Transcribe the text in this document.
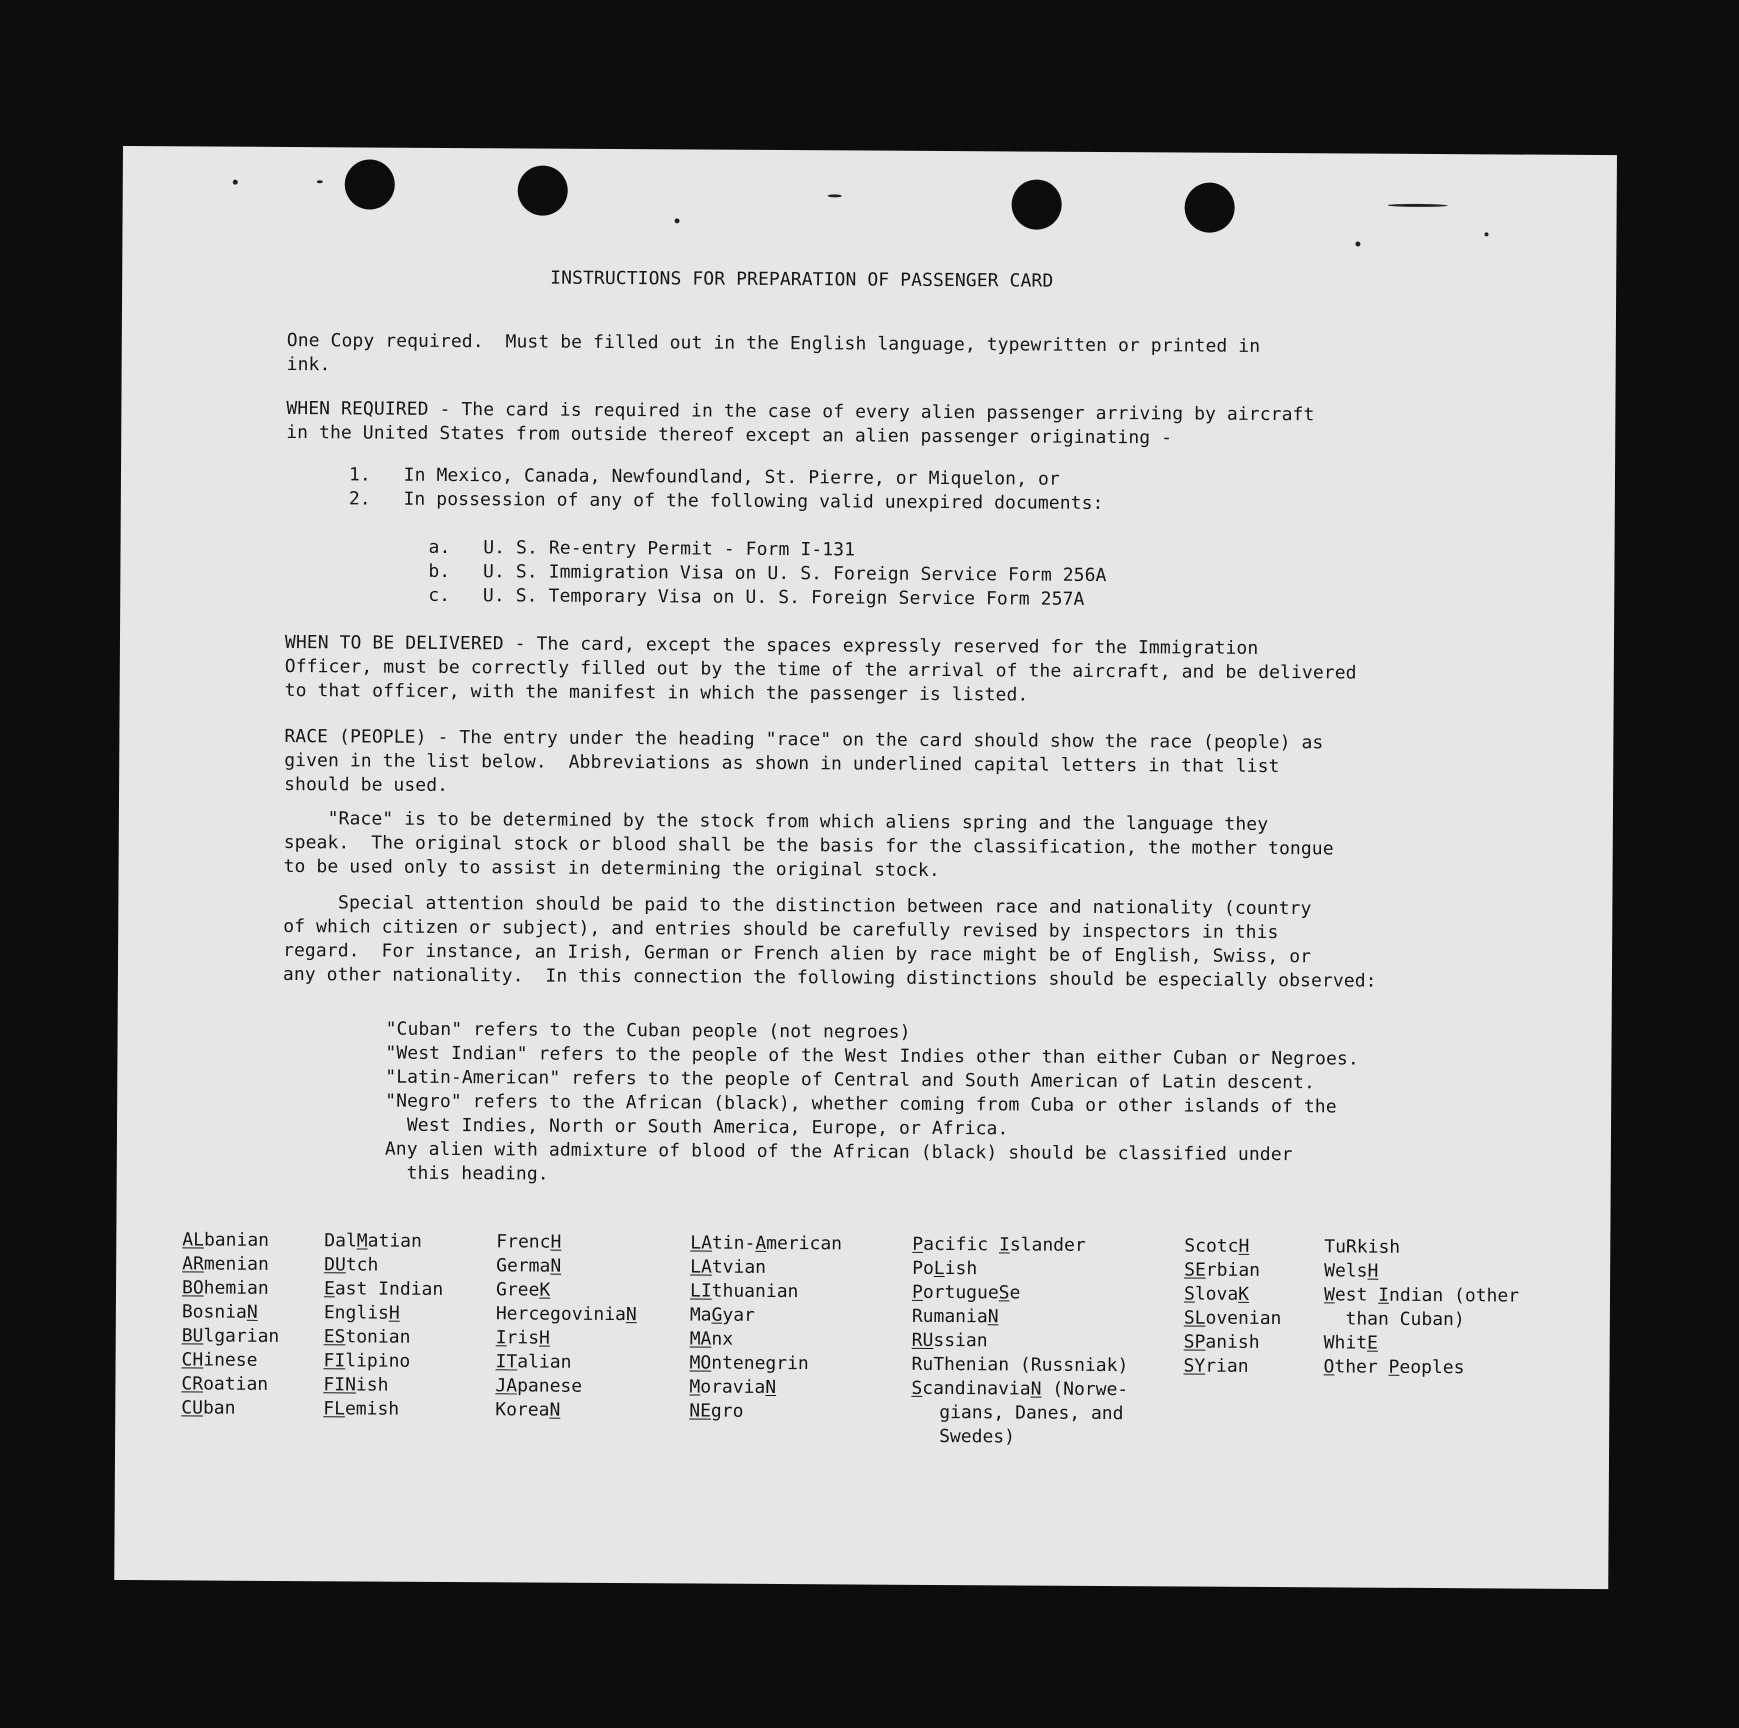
INSTRUCTIONS FOR PREPARATION OF PASSENGER CARD
One Copy required.  Must be filled out in the English language, typewritten or printed in
ink.
WHEN REQUIRED - The card is required in the case of every alien passenger arriving by aircraft
in the United States from outside thereof except an alien passenger originating -
1.   In Mexico, Canada, Newfoundland, St. Pierre, or Miquelon, or
2.   In possession of any of the following valid unexpired documents:
a.   U. S. Re-entry Permit - Form I-131
b.   U. S. Immigration Visa on U. S. Foreign Service Form 256A
c.   U. S. Temporary Visa on U. S. Foreign Service Form 257A
WHEN TO BE DELIVERED - The card, except the spaces expressly reserved for the Immigration
Officer, must be correctly filled out by the time of the arrival of the aircraft, and be delivered
to that officer, with the manifest in which the passenger is listed.
RACE (PEOPLE) - The entry under the heading "race" on the card should show the race (people) as
given in the list below.  Abbreviations as shown in underlined capital letters in that list
should be used.
"Race" is to be determined by the stock from which aliens spring and the language they
speak.  The original stock or blood shall be the basis for the classification, the mother tongue
to be used only to assist in determining the original stock.
Special attention should be paid to the distinction between race and nationality (country
of which citizen or subject), and entries should be carefully revised by inspectors in this
regard.  For instance, an Irish, German or French alien by race might be of English, Swiss, or
any other nationality.  In this connection the following distinctions should be especially observed:
"Cuban" refers to the Cuban people (not negroes)
"West Indian" refers to the people of the West Indies other than either Cuban or Negroes.
"Latin-American" refers to the people of Central and South American of Latin descent.
"Negro" refers to the African (black), whether coming from Cuba or other islands of the
West Indies, North or South America, Europe, or Africa.
Any alien with admixture of blood of the African (black) should be classified under
this heading.
ALbanian
ARmenian
BOhemian
BosniaN
BUlgarian
CHinese
CRoatian
CUban
DalMatian
DUtch
East Indian
EnglisH
EStonian
FIlipino
FINish
FLemish
FrencH
GermaN
GreeK
HercegoviniaN
IrisH
ITalian
JApanese
KoreaN
LAtin-American
LAtvian
LIthuanian
MaGyar
MAnx
MOntenegrin
MoraviaN
NEgro
Pacific Islander
PoLish
PortugueSe
RumaniaN
RUssian
RuThenian (Russniak)
ScandinaviaN (Norwe-
gians, Danes, and
Swedes)
ScotcH
SErbian
SlovaK
SLovenian
SPanish
SYrian
TuRkish
WelsH
West Indian (other
than Cuban)
WhitE
Other Peoples
